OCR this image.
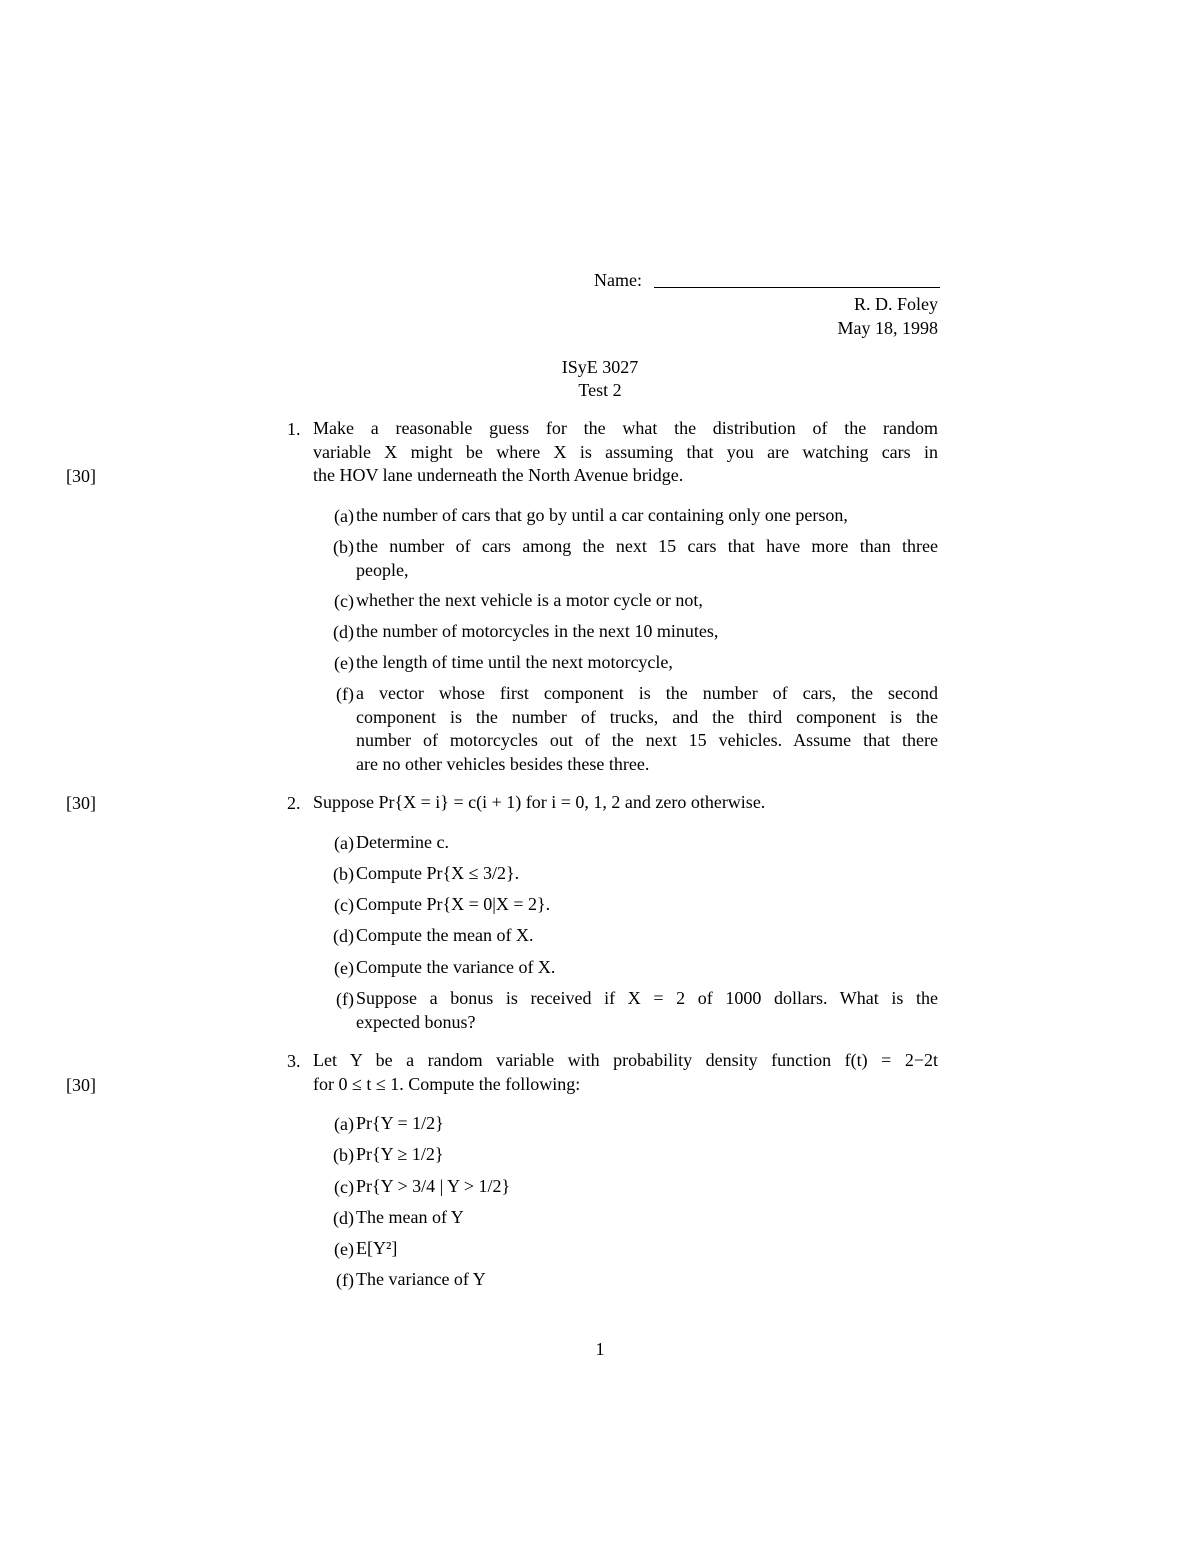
Name:
R. D. Foley
May 18, 1998
ISyE 3027
Test 2
[30]
[30]
[30]
1. Make a reasonable guess for the what the distribution of the random
variable X might be where X is assuming that you are watching cars in
the HOV lane underneath the North Avenue bridge.
(a) the number of cars that go by until a car containing only one person,
(b) the number of cars among the next 15 cars that have more than three
people,
(c) whether the next vehicle is a motor cycle or not,
(d) the number of motorcycles in the next 10 minutes,
(e) the length of time until the next motorcycle,
(f) a vector whose first component is the number of cars, the second
component is the number of trucks, and the third component is the
number of motorcycles out of the next 15 vehicles. Assume that there
are no other vehicles besides these three.
2. Suppose Pr{X = i} = c(i + 1) for i = 0, 1, 2 and zero otherwise.
(a) Determine c.
(b) Compute Pr{X ≤ 3/2}.
(c) Compute Pr{X = 0|X = 2}.
(d) Compute the mean of X.
(e) Compute the variance of X.
(f) Suppose a bonus is received if X = 2 of 1000 dollars. What is the
expected bonus?
3. Let Y be a random variable with probability density function f(t) = 2−2t
for 0 ≤ t ≤ 1. Compute the following:
(a) Pr{Y = 1/2}
(b) Pr{Y ≥ 1/2}
(c) Pr{Y > 3/4 | Y > 1/2}
(d) The mean of Y
(e) E[Y²]
(f) The variance of Y
1
